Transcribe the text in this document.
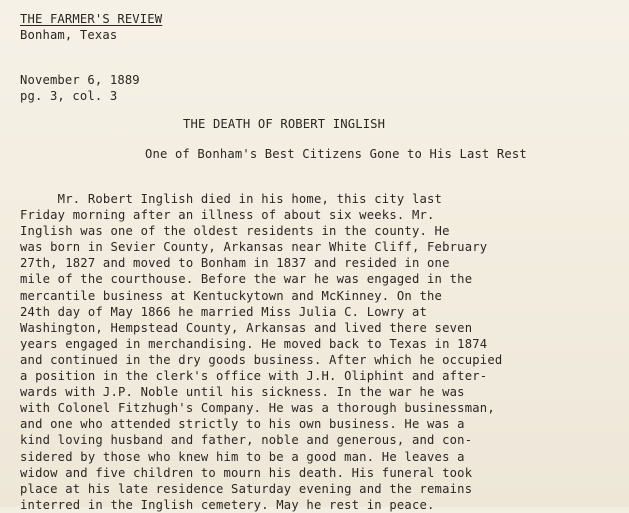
THE FARMER'S REVIEW
Bonham, Texas
November 6, 1889
pg. 3, col. 3
THE DEATH OF ROBERT INGLISH
One of Bonham's Best Citizens Gone to His Last Rest
Mr. Robert Inglish died in his home, this city last
Friday morning after an illness of about six weeks. Mr.
Inglish was one of the oldest residents in the county. He
was born in Sevier County, Arkansas near White Cliff, February
27th, 1827 and moved to Bonham in 1837 and resided in one
mile of the courthouse. Before the war he was engaged in the
mercantile business at Kentuckytown and McKinney. On the
24th day of May 1866 he married Miss Julia C. Lowry at
Washington, Hempstead County, Arkansas and lived there seven
years engaged in merchandising. He moved back to Texas in 1874
and continued in the dry goods business. After which he occupied
a position in the clerk's office with J.H. Oliphint and after-
wards with J.P. Noble until his sickness. In the war he was
with Colonel Fitzhugh's Company. He was a thorough businessman,
and one who attended strictly to his own business. He was a
kind loving husband and father, noble and generous, and con-
sidered by those who knew him to be a good man. He leaves a
widow and five children to mourn his death. His funeral took
place at his late residence Saturday evening and the remains
interred in the Inglish cemetery. May he rest in peace.
